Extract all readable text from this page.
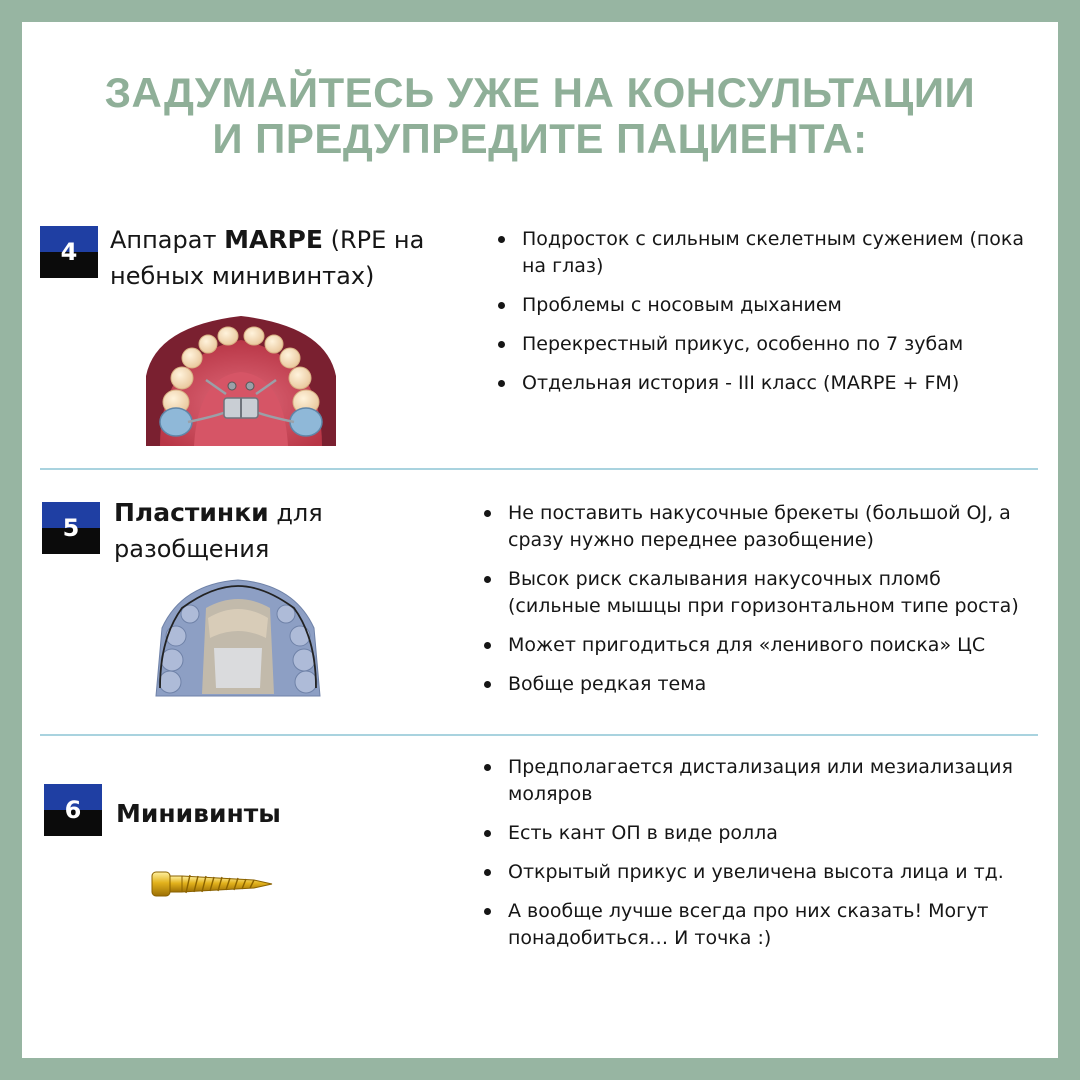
ЗАДУМАЙТЕСЬ УЖЕ НА КОНСУЛЬТАЦИИ
И ПРЕДУПРЕДИТЕ ПАЦИЕНТА:
4	Аппарат MARPE (RPE на небных минивинтах)
Подросток с сильным скелетным сужением (пока на глаз)
Проблемы с носовым дыханием
Перекрестный прикус, особенно по 7 зубам
Отдельная история - III класс (MARPE + FM)
5
Пластинки для разобщения
Не поставить накусочные брекеты (большой OJ, а сразу нужно переднее разобщение)
Высок риск скалывания накусочных пломб (сильные мышцы при горизонтальном типе роста)
Может пригодиться для «ленивого поиска» ЦС
Вобще редкая тема
6	Минивинты
Предполагается дистализация или мезиализация моляров
Есть кант ОП в виде ролла
Открытый прикус и увеличена высота лица и тд.
А вообще лучше всегда про них сказать! Могут понадобиться… И точка :)
